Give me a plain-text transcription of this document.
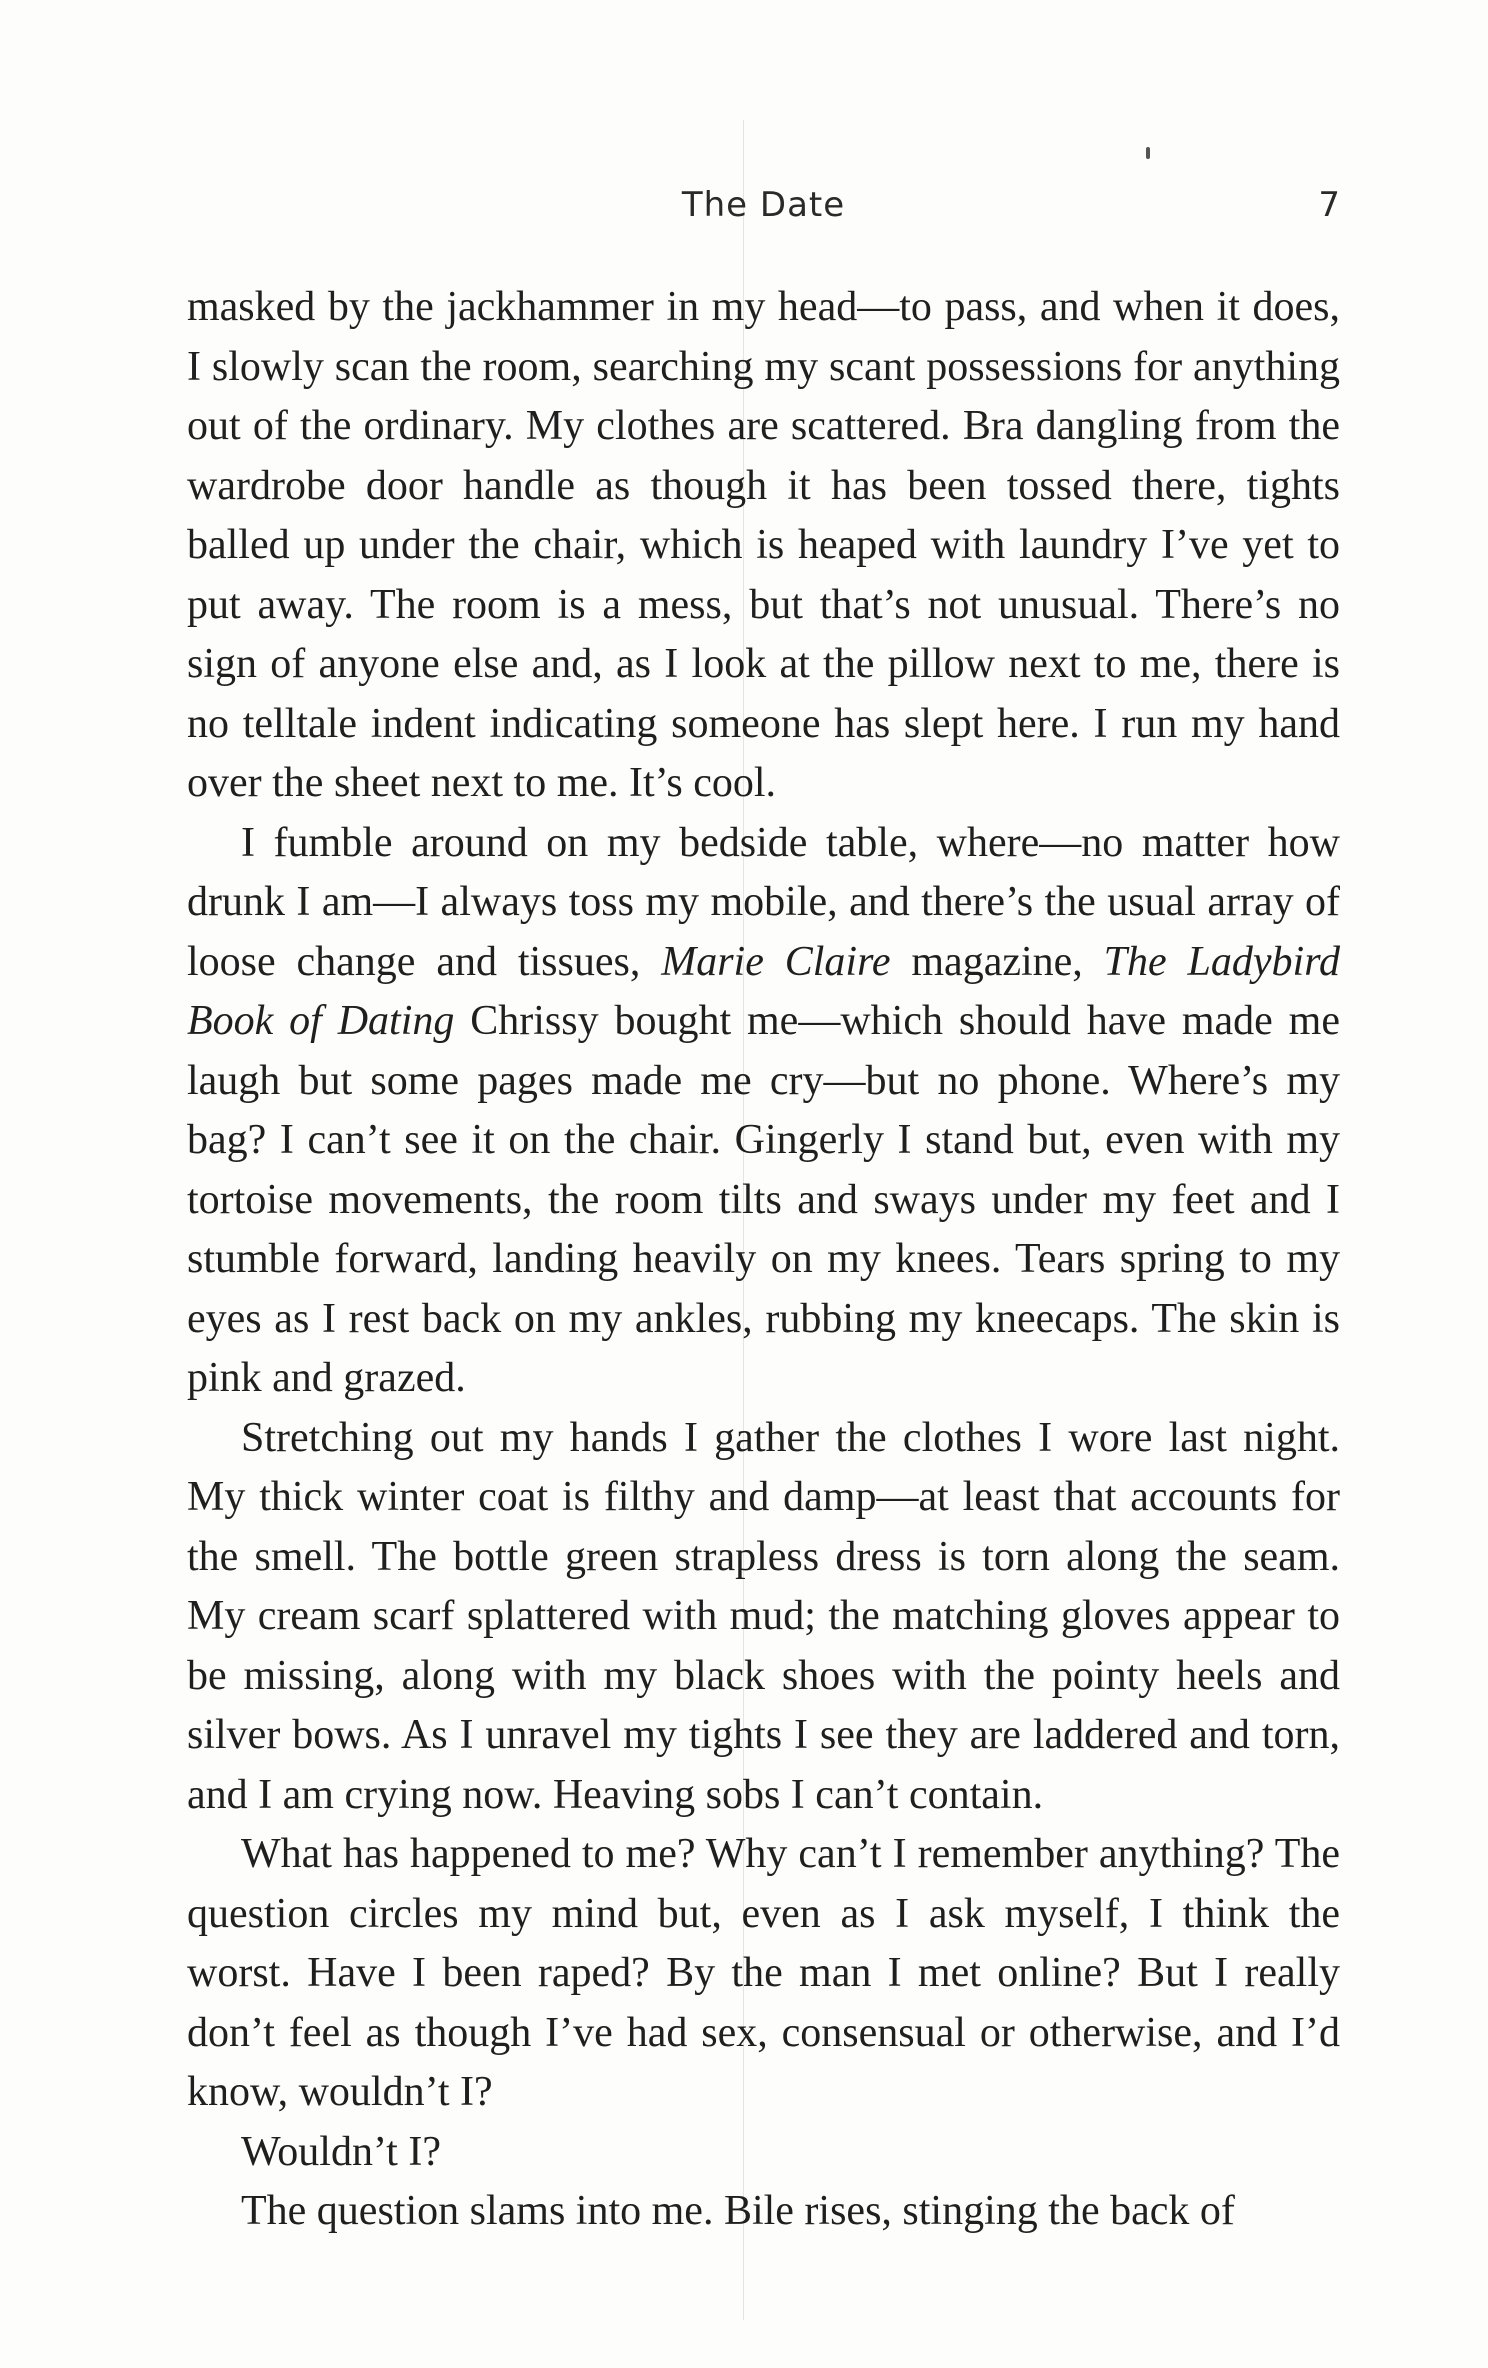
The Date	7

masked by the jackhammer in my head—to pass, and when it does, I slowly scan the room, searching my scant possessions for anything out of the ordinary. My clothes are scattered. Bra dangling from the wardrobe door handle as though it has been tossed there, tights balled up under the chair, which is heaped with laundry I’ve yet to put away. The room is a mess, but that’s not unusual. There’s no sign of anyone else and, as I look at the pillow next to me, there is no telltale indent indicating someone has slept here. I run my hand over the sheet next to me. It’s cool.

I fumble around on my bedside table, where—no matter how drunk I am—I always toss my mobile, and there’s the usual array of loose change and tissues, Marie Claire magazine, The Ladybird Book of Dating Chrissy bought me—which should have made me laugh but some pages made me cry—but no phone. Where’s my bag? I can’t see it on the chair. Gingerly I stand but, even with my tortoise movements, the room tilts and sways under my feet and I stumble forward, landing heavily on my knees. Tears spring to my eyes as I rest back on my ankles, rubbing my kneecaps. The skin is pink and grazed.

Stretching out my hands I gather the clothes I wore last night. My thick winter coat is filthy and damp—at least that accounts for the smell. The bottle green strapless dress is torn along the seam. My cream scarf splattered with mud; the matching gloves appear to be missing, along with my black shoes with the pointy heels and silver bows. As I unravel my tights I see they are laddered and torn, and I am crying now. Heaving sobs I can’t contain.

What has happened to me? Why can’t I remember anything? The question circles my mind but, even as I ask myself, I think the worst. Have I been raped? By the man I met online? But I really don’t feel as though I’ve had sex, consensual or otherwise, and I’d know, wouldn’t I?

Wouldn’t I?

The question slams into me. Bile rises, stinging the back of
